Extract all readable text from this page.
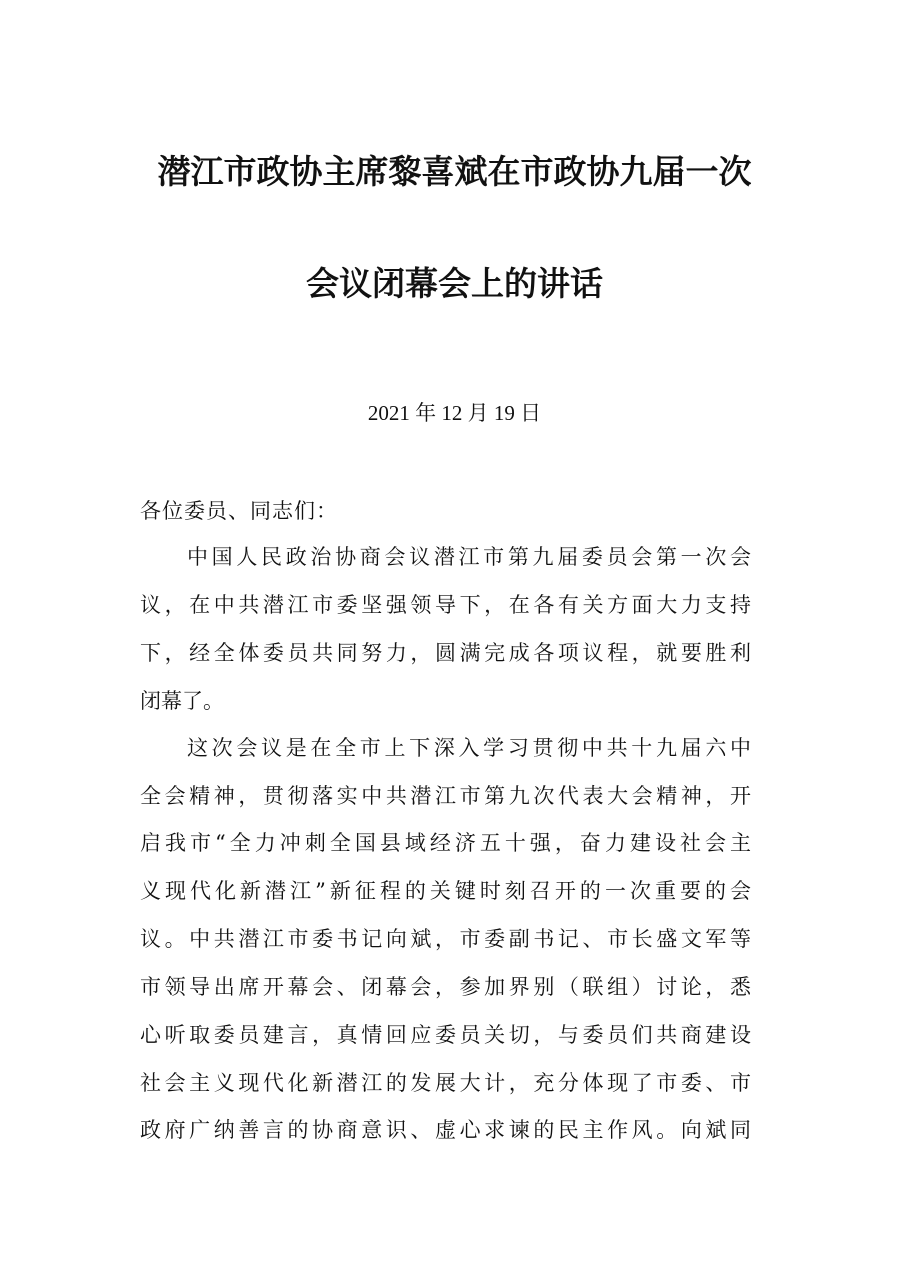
潜江市政协主席黎喜斌在市政协九届一次
会议闭幕会上的讲话
2021 年 12 月 19 日
各位委员、同志们：
中国人民政治协商会议潜江市第九届委员会第一次会
议，在中共潜江市委坚强领导下，在各有关方面大力支持
下，经全体委员共同努力，圆满完成各项议程，就要胜利
闭幕了。
这次会议是在全市上下深入学习贯彻中共十九届六中
全会精神，贯彻落实中共潜江市第九次代表大会精神，开
启我市“全力冲刺全国县域经济五十强，奋力建设社会主
义现代化新潜江”新征程的关键时刻召开的一次重要的会
议。中共潜江市委书记向斌，市委副书记、市长盛文军等
市领导出席开幕会、闭幕会，参加界别（联组）讨论，悉
心听取委员建言，真情回应委员关切，与委员们共商建设
社会主义现代化新潜江的发展大计，充分体现了市委、市
政府广纳善言的协商意识、虚心求谏的民主作风。向斌同
